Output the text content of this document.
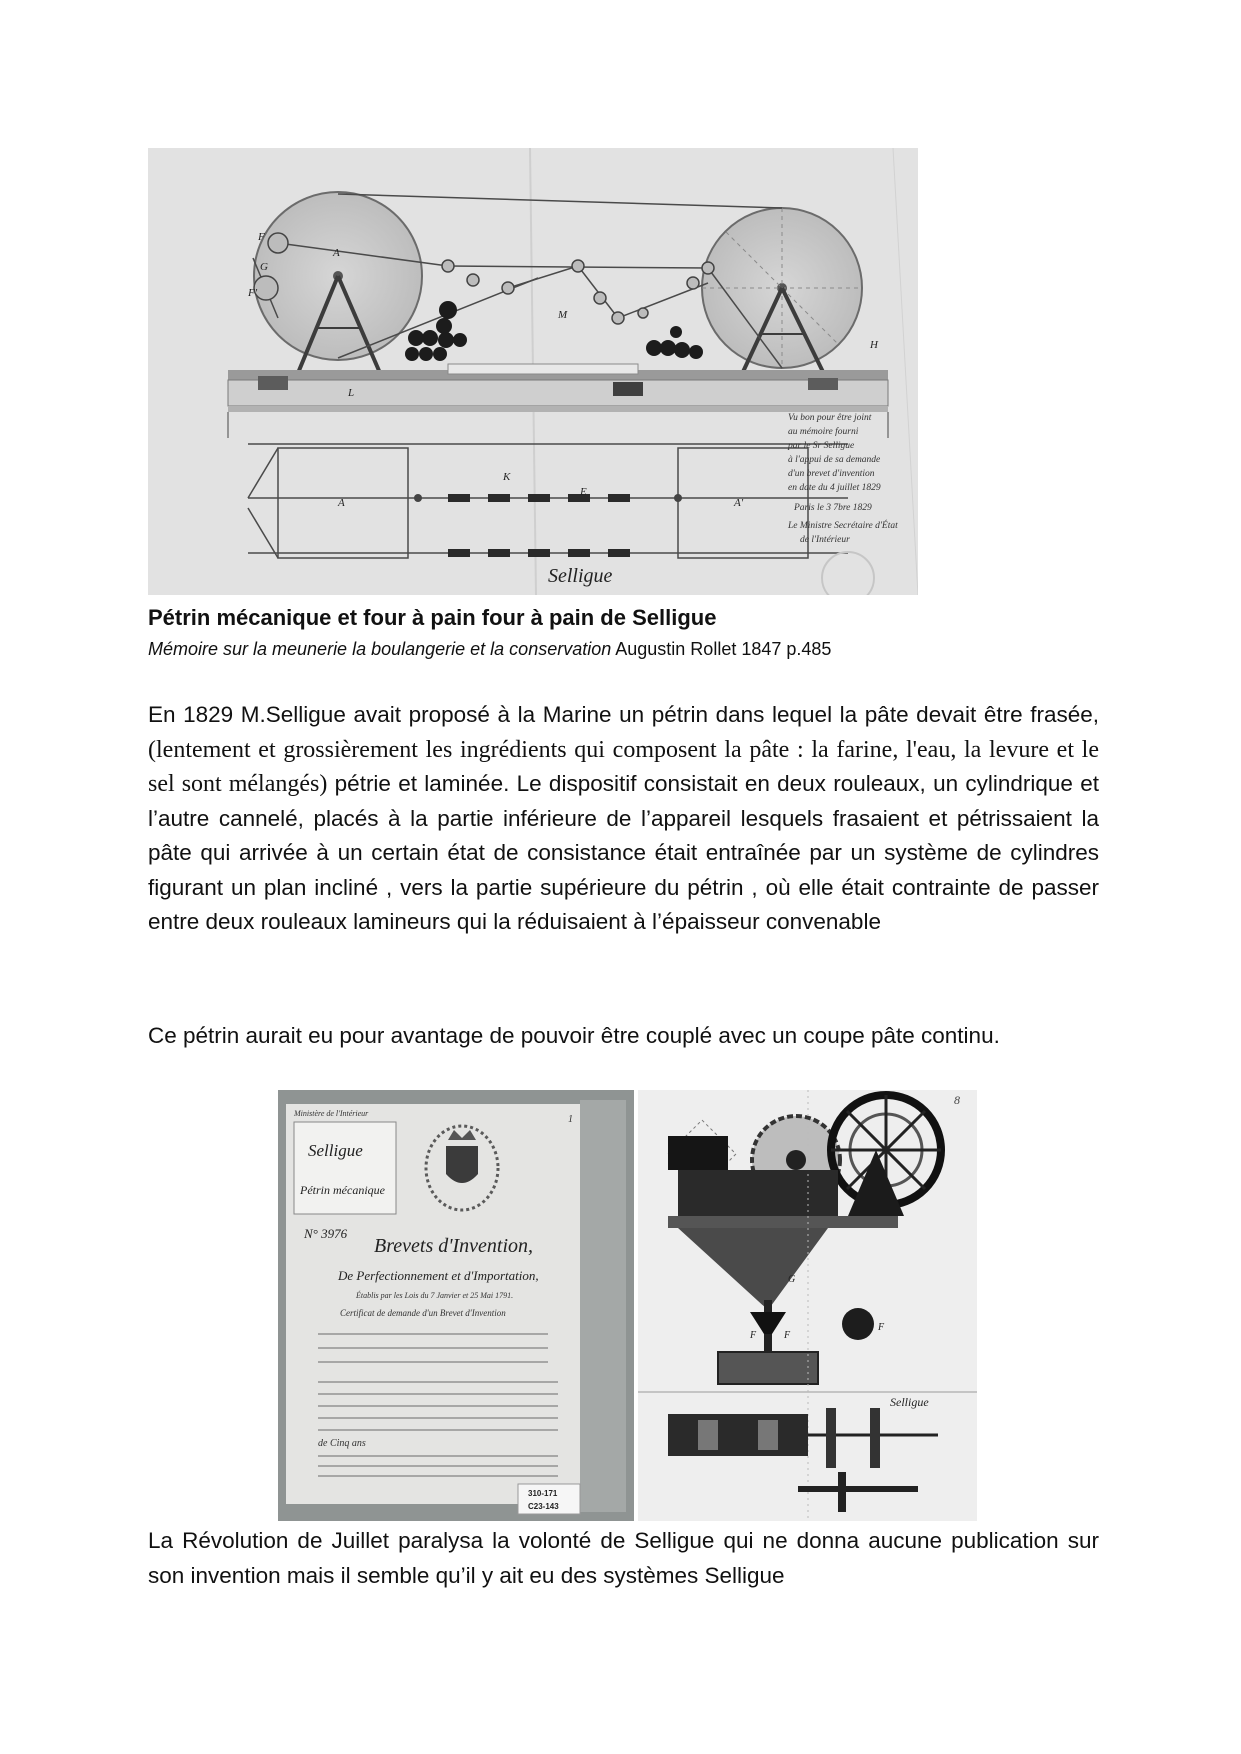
A
A'
M
L
K
E
F
G
H
F'
A
Vu bon pour être joint
au mémoire fourni
par le Sr Selligue
à l'appui de sa demande
d'un brevet d'invention
en date du 4 juillet 1829
Paris le 3 7bre 1829
Le Ministre Secrétaire d'État
de l'Intérieur
Selligue
Pétrin mécanique et four à pain four à pain de Selligue
Mémoire sur la meunerie la boulangerie et la conservation Augustin Rollet 1847 p.485
En 1829 M.Selligue avait proposé à la Marine un pétrin dans lequel la pâte devait être frasée, (lentement et grossièrement les ingrédients qui composent la pâte : la farine, l'eau, la levure et le sel sont mélangés) pétrie et laminée. Le dispositif consistait en deux rouleaux, un cylindrique et l’autre cannelé, placés à la partie inférieure de l’appareil lesquels frasaient et pétrissaient la pâte qui arrivée à un certain état de consistance était entraînée par un système de cylindres figurant un plan incliné , vers la partie supérieure du pétrin , où elle était contrainte de passer entre deux rouleaux lamineurs qui la réduisaient à l’épaisseur convenable
Ce pétrin aurait eu pour avantage de pouvoir être couplé avec un coupe pâte continu.
Ministère de l'Intérieur
Selligue
Pétrin mécanique
1
N° 3976
Brevets d'Invention,
De Perfectionnement et d'Importation,
Établis par les Lois du 7 Janvier et 25 Mai 1791.
Certificat de demande d'un Brevet d'Invention
de Cinq ans
310-171
C23-143
8
F	F
F
G
Selligue
La Révolution de Juillet paralysa la volonté de Selligue qui ne donna aucune publication sur son invention mais il semble qu’il y ait eu des systèmes Selligue
